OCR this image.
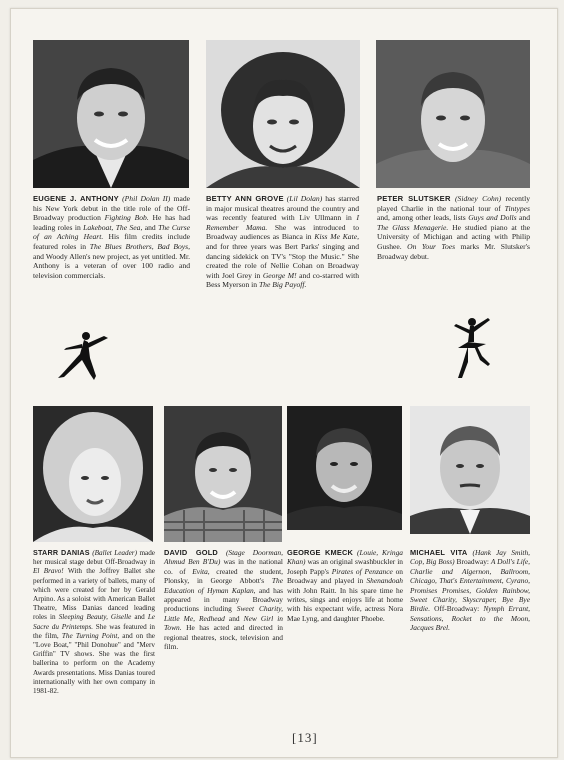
EUGENE J. ANTHONY (Phil Dolan II) made his New York debut in the title role of the Off-Broadway production Fighting Bob. He has had leading roles in Lakeboat, The Sea, and The Curse of an Aching Heart. His film credits include featured roles in The Blues Brothers, Bad Boys, and Woody Allen's new project, as yet untitled. Mr. Anthony is a veteran of over 100 radio and television commercials.

BETTY ANN GROVE (Lil Dolan) has starred in major musical theatres around the country and was recently featured with Liv Ullmann in I Remember Mama. She was introduced to Broadway audiences as Bianca in Kiss Me Kate, and for three years was Bert Parks' singing and dancing sidekick on TV's "Stop the Music." She created the role of Nellie Cohan on Broadway with Joel Grey in George M! and co-starred with Bess Myerson in The Big Payoff.

PETER SLUTSKER (Sidney Cohn) recently played Charlie in the national tour of Tintypes and, among other leads, lists Guys and Dolls and The Glass Menagerie. He studied piano at the University of Michigan and acting with Philip Gushee. On Your Toes marks Mr. Slutsker's Broadway debut.

STARR DANIAS (Ballet Leader) made her musical stage debut Off-Broadway in El Bravo! With the Joffrey Ballet she performed in a variety of ballets, many of which were created for her by Gerald Arpino. As a soloist with American Ballet Theatre, Miss Danias danced leading roles in Sleeping Beauty, Giselle and Le Sacre du Printemps. She was featured in the film, The Turning Point, and on the "Love Boat," "Phil Donohue" and "Merv Griffin" TV shows. She was the first ballerina to perform on the Academy Awards presentations. Miss Danias toured internationally with her own company in 1981-82.

DAVID GOLD (Stage Doorman, Ahmud Ben B'Du) was in the national co. of Evita, created the student, Plonsky, in George Abbott's The Education of Hyman Kaplan, and has appeared in many Broadway productions including Sweet Charity, Little Me, Redhead and New Girl in Town. He has acted and directed in regional theatres, stock, television and film.

GEORGE KMECK (Louie, Kringa Khan) was an original swashbuckler in Joseph Papp's Pirates of Penzance on Broadway and played in Shenandoah with John Raitt. In his spare time he writes, sings and enjoys life at home with his expectant wife, actress Nora Mae Lyng, and daughter Phoebe.

MICHAEL VITA (Hank Jay Smith, Cop, Big Boss) Broadway: A Doll's Life, Charlie and Algernon, Ballroom, Chicago, That's Entertainment, Cyrano, Promises Promises, Golden Rainbow, Sweet Charity, Skyscraper, Bye Bye Birdie. Off-Broadway: Nymph Errant, Sensations, Rocket to the Moon, Jacques Brel.

[13]
